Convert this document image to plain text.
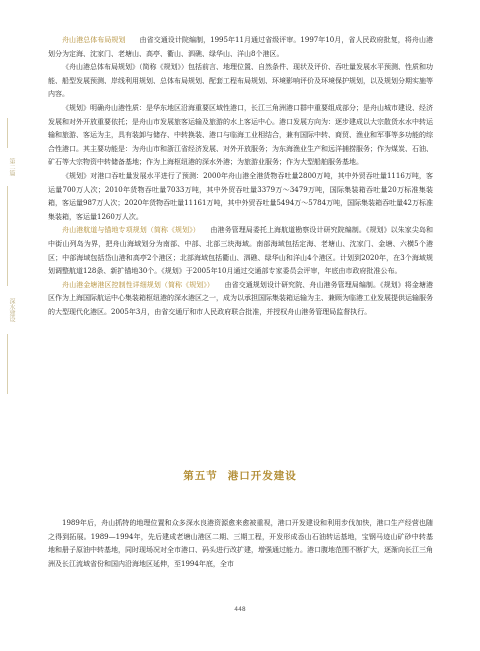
第二篇
深水建设

舟山港总体布局规划　　由省交通设计院编制，1995年11月通过省级评审。1997年10月，省人民政府批复，将舟山港划分为定海、沈家门、老塘山、高亭、衢山、泗礁、绿华山、洋山8个港区。

《舟山港总体布局规划》（简称《规划》）包括前言、地理位置、自然条件、现状及评价、吞吐量发展水平预测、性质和功能、船型发展预测、岸线利用规划、总体布局规划、配套工程布局规划、环境影响评价及环境保护规划，以及规划分期实施等内容。

《规划》明确舟山港性质：是华东地区沿海重要区域性港口，长江三角洲港口群中重要组成部分；是舟山城市建设、经济发展和对外开放重要依托；是舟山市发展旅客运输及旅游的水上客运中心。港口发展方向为：逐步建成以大宗散货水水中转运输和旅游、客运为主，具有装卸与储存、中转换装、港口与临海工业相结合，兼有国际中转、商贸、渔业和军事等多功能的综合性港口。其主要功能是：为舟山市和浙江省经济发展、对外开放服务；为东海渔业生产和远洋捕捞服务；作为煤炭、石油、矿石等大宗物资中转储备基地；作为上海枢纽港的深水外港；为旅游业服务；作为大型船舶服务基地。

《规划》对港口吞吐量发展水平进行了预测：2000年舟山港全港货物吞吐量2800万吨，其中外贸吞吐量1116万吨，客运量700万人次；2010年货物吞吐量7033万吨，其中外贸吞吐量3379万～3479万吨，国际集装箱吞吐量20万标准集装箱，客运量987万人次；2020年货物吞吐量11161万吨，其中外贸吞吐量5494万～5784万吨，国际集装箱吞吐量42万标准集装箱，客运量1260万人次。

舟山港航道与锚地专项规划（简称《规划》）　　由港务管理局委托上海航道勘察设计研究院编制。《规划》以朱家尖岛和中街山列岛为界，把舟山海域划分为南部、中部、北部三块海域。南部海域包括定海、老塘山、沈家门、金塘、六横5个港区；中部海域包括岱山港和高亭2个港区；北部海域包括衢山、泗礁、绿华山和洋山4个港区。计划到2020年，在3个海域规划调整航道128条、新扩锚地30个。《规划》于2005年10月通过交通部专家委员会评审，年底由市政府批准公布。

舟山港金塘港区控制性详细规划（简称《规划》）　　由省交通规划设计研究院、舟山港务管理局编制。《规划》将金塘港区作为上海国际航运中心集装箱枢纽港的深水港区之一，成为以承担国际集装箱运输为主、兼顾为临港工业发展提供运输服务的大型现代化港区。2005年3月，由省交通厅和市人民政府联合批准，并授权舟山港务管理局监督执行。

第五节 港口开发建设

1989年后，舟山抓特的地理位置和众多深水良港资源愈来愈被重视，港口开发建设和利用步伐加快，港口生产经营也随之得到拓展。1989—1994年，先后建成老塘山港区二期、三期工程，开发形成岙山石油转运基地，宝钢马迹山矿砂中转基地和册子原油中转基地，同时现场况对全市港口、码头进行改扩建，增强通过能力。港口腹地范围不断扩大，逐渐向长江三角洲及长江流域省份和国内沿海地区延伸，至1994年底，全市

448
